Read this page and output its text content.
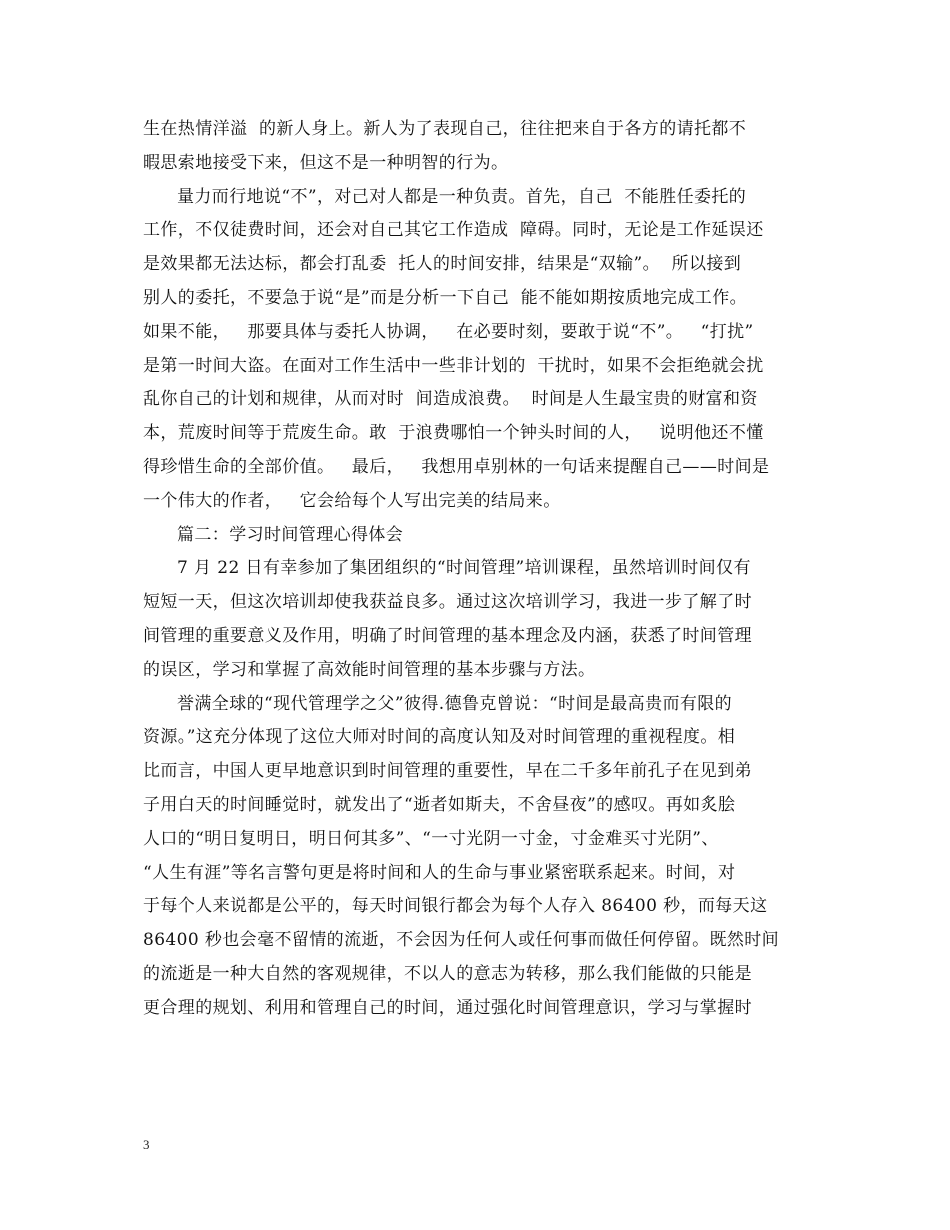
生在热情洋溢  的新人身上。新人为了表现自己，往往把来自于各方的请托都不
暇思索地接受下来，但这不是一种明智的行为。
量力而行地说“不”，对己对人都是一种负责。首先，自己  不能胜任委托的
工作，不仅徒费时间，还会对自己其它工作造成  障碍。同时，无论是工作延误还
是效果都无法达标，都会打乱委  托人的时间安排，结果是“双输”。  所以接到
别人的委托，不要急于说“是”而是分析一下自己  能不能如期按质地完成工作。
如果不能，   那要具体与委托人协调，   在必要时刻，要敢于说“不”。   “打扰”
是第一时间大盗。在面对工作生活中一些非计划的  干扰时，如果不会拒绝就会扰
乱你自己的计划和规律，从而对时  间造成浪费。  时间是人生最宝贵的财富和资
本，荒废时间等于荒废生命。敢  于浪费哪怕一个钟头时间的人，   说明他还不懂
得珍惜生命的全部价值。   最后，   我想用卓别林的一句话来提醒自己——时间是
一个伟大的作者，   它会给每个人写出完美的结局来。
篇二：学习时间管理心得体会
7 月 22 日有幸参加了集团组织的“时间管理”培训课程，虽然培训时间仅有
短短一天，但这次培训却使我获益良多。通过这次培训学习，我进一步了解了时
间管理的重要意义及作用，明确了时间管理的基本理念及内涵，获悉了时间管理
的误区，学习和掌握了高效能时间管理的基本步骤与方法。
誉满全球的“现代管理学之父”彼得.德鲁克曾说：“时间是最高贵而有限的
资源。”这充分体现了这位大师对时间的高度认知及对时间管理的重视程度。相
比而言，中国人更早地意识到时间管理的重要性，早在二千多年前孔子在见到弟
子用白天的时间睡觉时，就发出了“逝者如斯夫，不舍昼夜”的感叹。再如炙脍
人口的“明日复明日，明日何其多”、“一寸光阴一寸金，寸金难买寸光阴”、
“人生有涯”等名言警句更是将时间和人的生命与事业紧密联系起来。时间，对
于每个人来说都是公平的，每天时间银行都会为每个人存入 86400 秒，而每天这
86400 秒也会毫不留情的流逝，不会因为任何人或任何事而做任何停留。既然时间
的流逝是一种大自然的客观规律，不以人的意志为转移，那么我们能做的只能是
更合理的规划、利用和管理自己的时间，通过强化时间管理意识，学习与掌握时
3
